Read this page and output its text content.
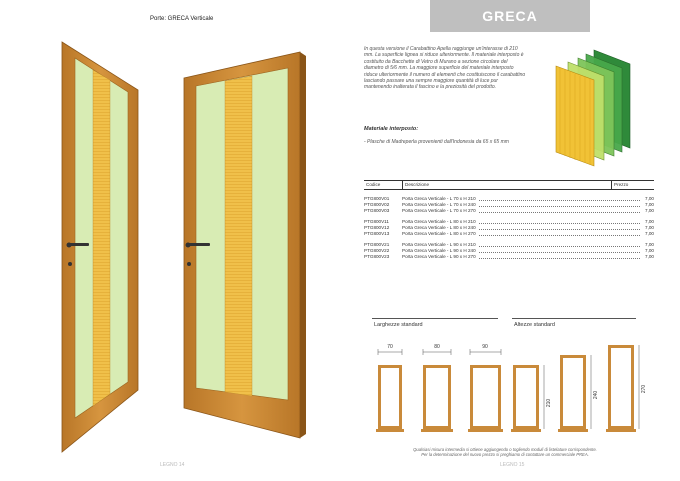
Porte: GRECA Verticale	GRECA
In questa versione il Carabattino Apella raggiunge un'interasse di 210 mm. La superficie lignea si riduce ulteriormente. Il materiale interposto è costituito da Bacchette di Vetro di Murano a sezione circolare del diametro di 5/6 mm. La maggiore superficie del materiale interposto riduce ulteriormente il numero di elementi che costituiscono il carabattino lasciando passare una sempre maggiore quantità di luce pur mantenendo inalterata il fascino e la preziosità del prodotto.
Materiale interposto:
- Plasche di Madreperla provenienti dall'Indonesia da 65 x 65 mm
Codice	Descrizione	Prezzo
PTG800V01	Porta Greca Verticale - L 70 x H 210	7,00
PTG800V02	Porta Greca Verticale - L 70 x H 240	7,00
PTG800V03	Porta Greca Verticale - L 70 x H 270	7,00
PTG800V11	Porta Greca Verticale - L 80 x H 210	7,00
PTG800V12	Porta Greca Verticale - L 80 x H 240	7,00
PTG800V13	Porta Greca Verticale - L 80 x H 270	7,00
PTG800V21	Porta Greca Verticale - L 90 x H 210	7,00
PTG800V22	Porta Greca Verticale - L 90 x H 240	7,00
PTG800V23	Porta Greca Verticale - L 90 x H 270	7,00
Larghezze standard	Altezze standard
70	80	90
210
240
270
Qualsiasi misura intermedia si ottiene aggiungendo o togliendo moduli di listelature corrispondente.
Per la determinazione del nuovo prezzo si preghiamo di contattare un commerciale PREA.
LEGNO 14	LEGNO 15
